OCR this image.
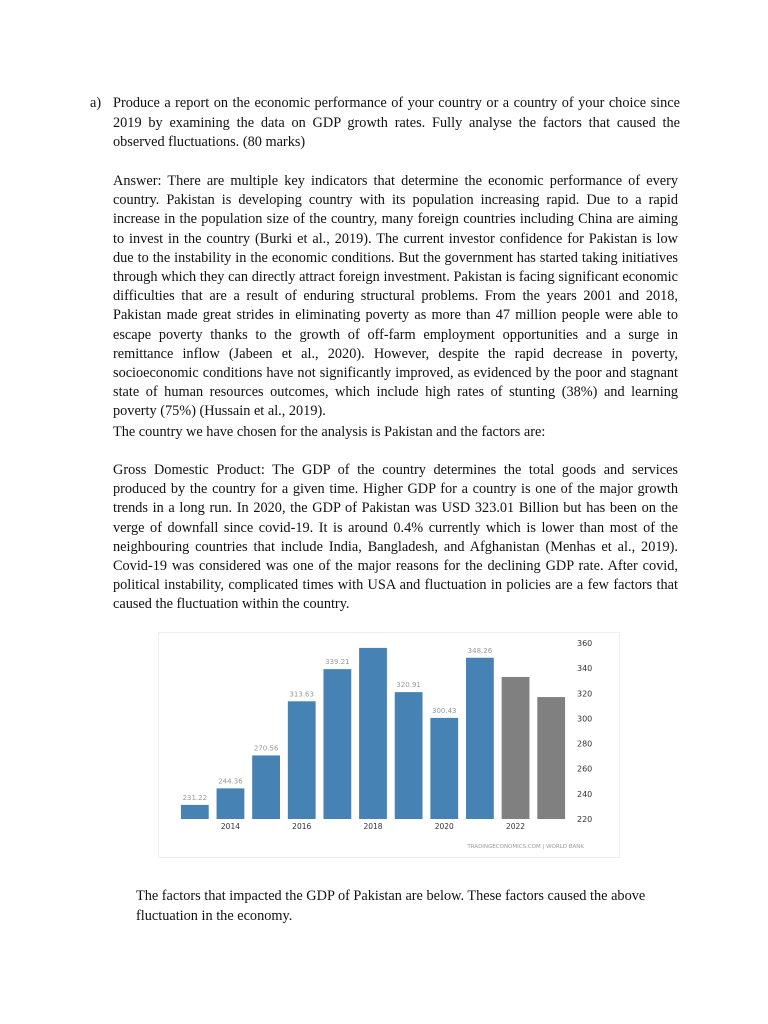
a) Produce a report on the economic performance of your country or a country of your choice since 2019 by examining the data on GDP growth rates. Fully analyse the factors that caused the observed fluctuations. (80 marks)

Answer: There are multiple key indicators that determine the economic performance of every country. Pakistan is developing country with its population increasing rapid. Due to a rapid increase in the population size of the country, many foreign countries including China are aiming to invest in the country (Burki et al., 2019). The current investor confidence for Pakistan is low due to the instability in the economic conditions. But the government has started taking initiatives through which they can directly attract foreign investment. Pakistan is facing significant economic difficulties that are a result of enduring structural problems. From the years 2001 and 2018, Pakistan made great strides in eliminating poverty as more than 47 million people were able to escape poverty thanks to the growth of off-farm employment opportunities and a surge in remittance inflow (Jabeen et al., 2020). However, despite the rapid decrease in poverty, socioeconomic conditions have not significantly improved, as evidenced by the poor and stagnant state of human resources outcomes, which include high rates of stunting (38%) and learning poverty (75%) (Hussain et al., 2019).

The country we have chosen for the analysis is Pakistan and the factors are:

Gross Domestic Product: The GDP of the country determines the total goods and services produced by the country for a given time. Higher GDP for a country is one of the major growth trends in a long run. In 2020, the GDP of Pakistan was USD 323.01 Billion but has been on the verge of downfall since covid-19. It is around 0.4% currently which is lower than most of the neighbouring countries that include India, Bangladesh, and Afghanistan (Menhas et al., 2019). Covid-19 was considered was one of the major reasons for the declining GDP rate. After covid, political instability, complicated times with USA and fluctuation in policies are a few factors that caused the fluctuation within the country.

220
240
260
280
300
320
340
360
231.22
244.36
2014
270.56
313.63
2016
339.21
2018
320.91
300.43
2020
348.26
2022
TRADINGECONOMICS.COM | WORLD BANK

The factors that impacted the GDP of Pakistan are below. These factors caused the above fluctuation in the economy.
